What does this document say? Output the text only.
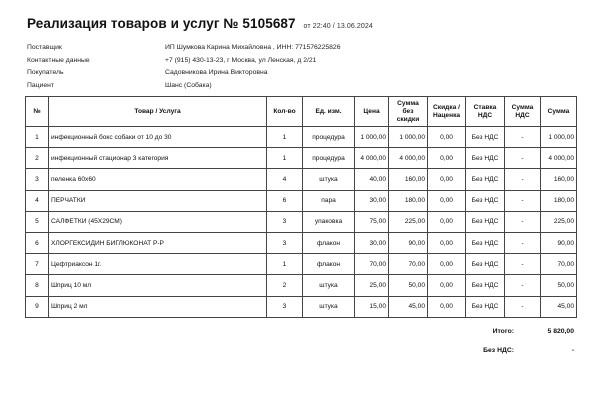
Реализация товаров и услуг № 5105687 от 22:40 / 13.06.2024
Поставщик	ИП Шумкова Карина Михайловна , ИНН: 771576225826
Контактные данные	+7 (915) 430-13-23, г Москва, ул Ленская, д 2/21
Покупатель	Садовникова Ирина Викторовна
Пациент	Шанс (Собака)
№	Товар / Услуга	Кол-во	Ед. изм.	Цена	Сумма без скидки	Скидка / Наценка	Ставка НДС	Сумма НДС	Сумма
1	инфекционный бокс собаки от 10 до 30	1	процедура	1 000,00	1 000,00	0,00	Без НДС	-	1 000,00
2	инфекционный стационар 3 категория	1	процедура	4 000,00	4 000,00	0,00	Без НДС	-	4 000,00
3	пеленка 60х60	4	штука	40,00	160,00	0,00	Без НДС	-	160,00
4	ПЕРЧАТКИ	6	пара	30,00	180,00	0,00	Без НДС	-	180,00
5	САЛФЕТКИ (45Х29СМ)	3	упаковка	75,00	225,00	0,00	Без НДС	-	225,00
6	ХЛОРГЕКСИДИН БИГЛЮКОНАТ Р-Р	3	флакон	30,00	90,00	0,00	Без НДС	-	90,00
7	Цефтриаксон 1г.	1	флакон	70,00	70,00	0,00	Без НДС	-	70,00
8	Шприц 10 мл	2	штука	25,00	50,00	0,00	Без НДС	-	50,00
9	Шприц 2 мл	3	штука	15,00	45,00	0,00	Без НДС	-	45,00
Итого:	5 820,00
Без НДС:	-
